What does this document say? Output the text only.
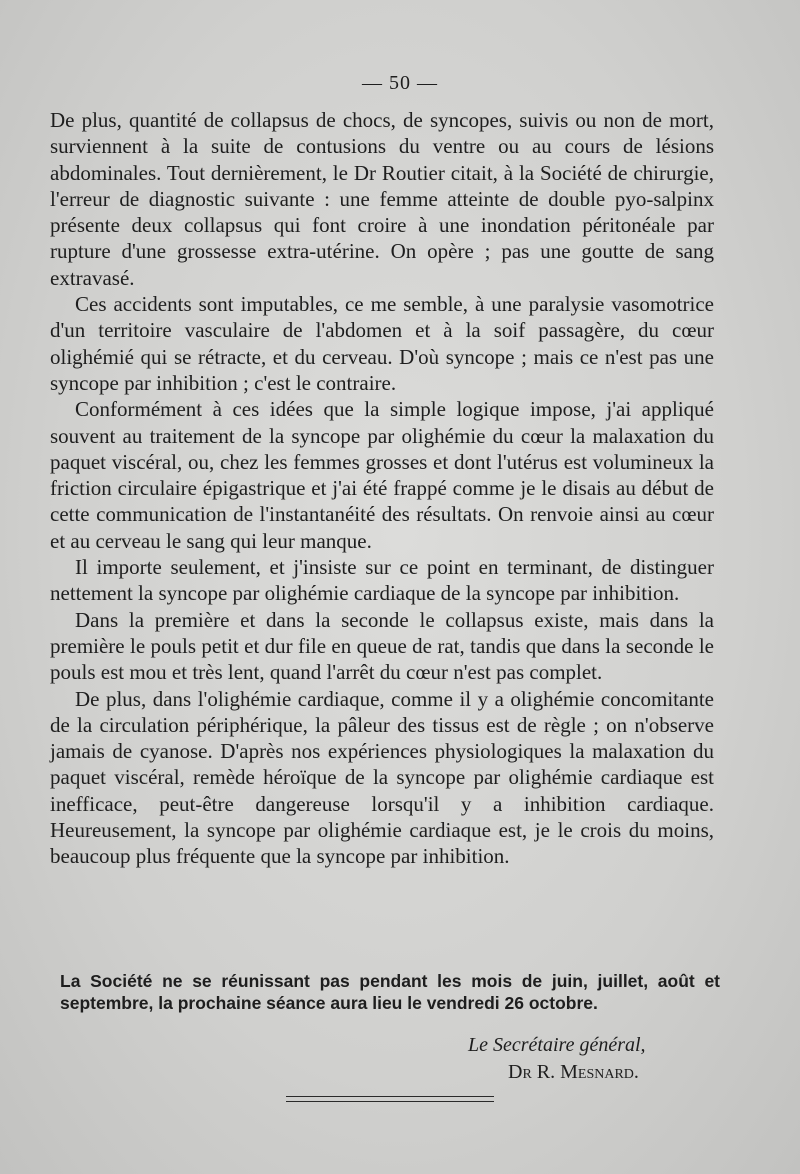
— 50 —

De plus, quantité de collapsus de chocs, de syncopes, suivis ou non de mort, surviennent à la suite de contusions du ventre ou au cours de lésions abdominales. Tout dernièrement, le Dr Routier citait, à la Société de chirurgie, l'erreur de diagnostic suivante : une femme atteinte de double pyo-salpinx présente deux collapsus qui font croire à une inondation péritonéale par rupture d'une grossesse extra-utérine. On opère ; pas une goutte de sang extravasé.

Ces accidents sont imputables, ce me semble, à une paralysie vasomotrice d'un territoire vasculaire de l'abdomen et à la soif passagère, du cœur olighémié qui se rétracte, et du cerveau. D'où syncope ; mais ce n'est pas une syncope par inhibition ; c'est le contraire.

Conformément à ces idées que la simple logique impose, j'ai appliqué souvent au traitement de la syncope par olighémie du cœur la malaxation du paquet viscéral, ou, chez les femmes grosses et dont l'utérus est volumineux la friction circulaire épigastrique et j'ai été frappé comme je le disais au début de cette communication de l'instantanéité des résultats. On renvoie ainsi au cœur et au cerveau le sang qui leur manque.

Il importe seulement, et j'insiste sur ce point en terminant, de distinguer nettement la syncope par olighémie cardiaque de la syncope par inhibition.

Dans la première et dans la seconde le collapsus existe, mais dans la première le pouls petit et dur file en queue de rat, tandis que dans la seconde le pouls est mou et très lent, quand l'arrêt du cœur n'est pas complet.

De plus, dans l'olighémie cardiaque, comme il y a olighémie concomitante de la circulation périphérique, la pâleur des tissus est de règle ; on n'observe jamais de cyanose. D'après nos expériences physiologiques la malaxation du paquet viscéral, remède héroïque de la syncope par olighémie cardiaque est inefficace, peut-être dangereuse lorsqu'il y a inhibition cardiaque. Heureusement, la syncope par olighémie cardiaque est, je le crois du moins, beaucoup plus fréquente que la syncope par inhibition.

La Société ne se réunissant pas pendant les mois de juin, juillet, août et septembre, la prochaine séance aura lieu le vendredi 26 octobre.

Le Secrétaire général,
Dr R. Mesnard.
